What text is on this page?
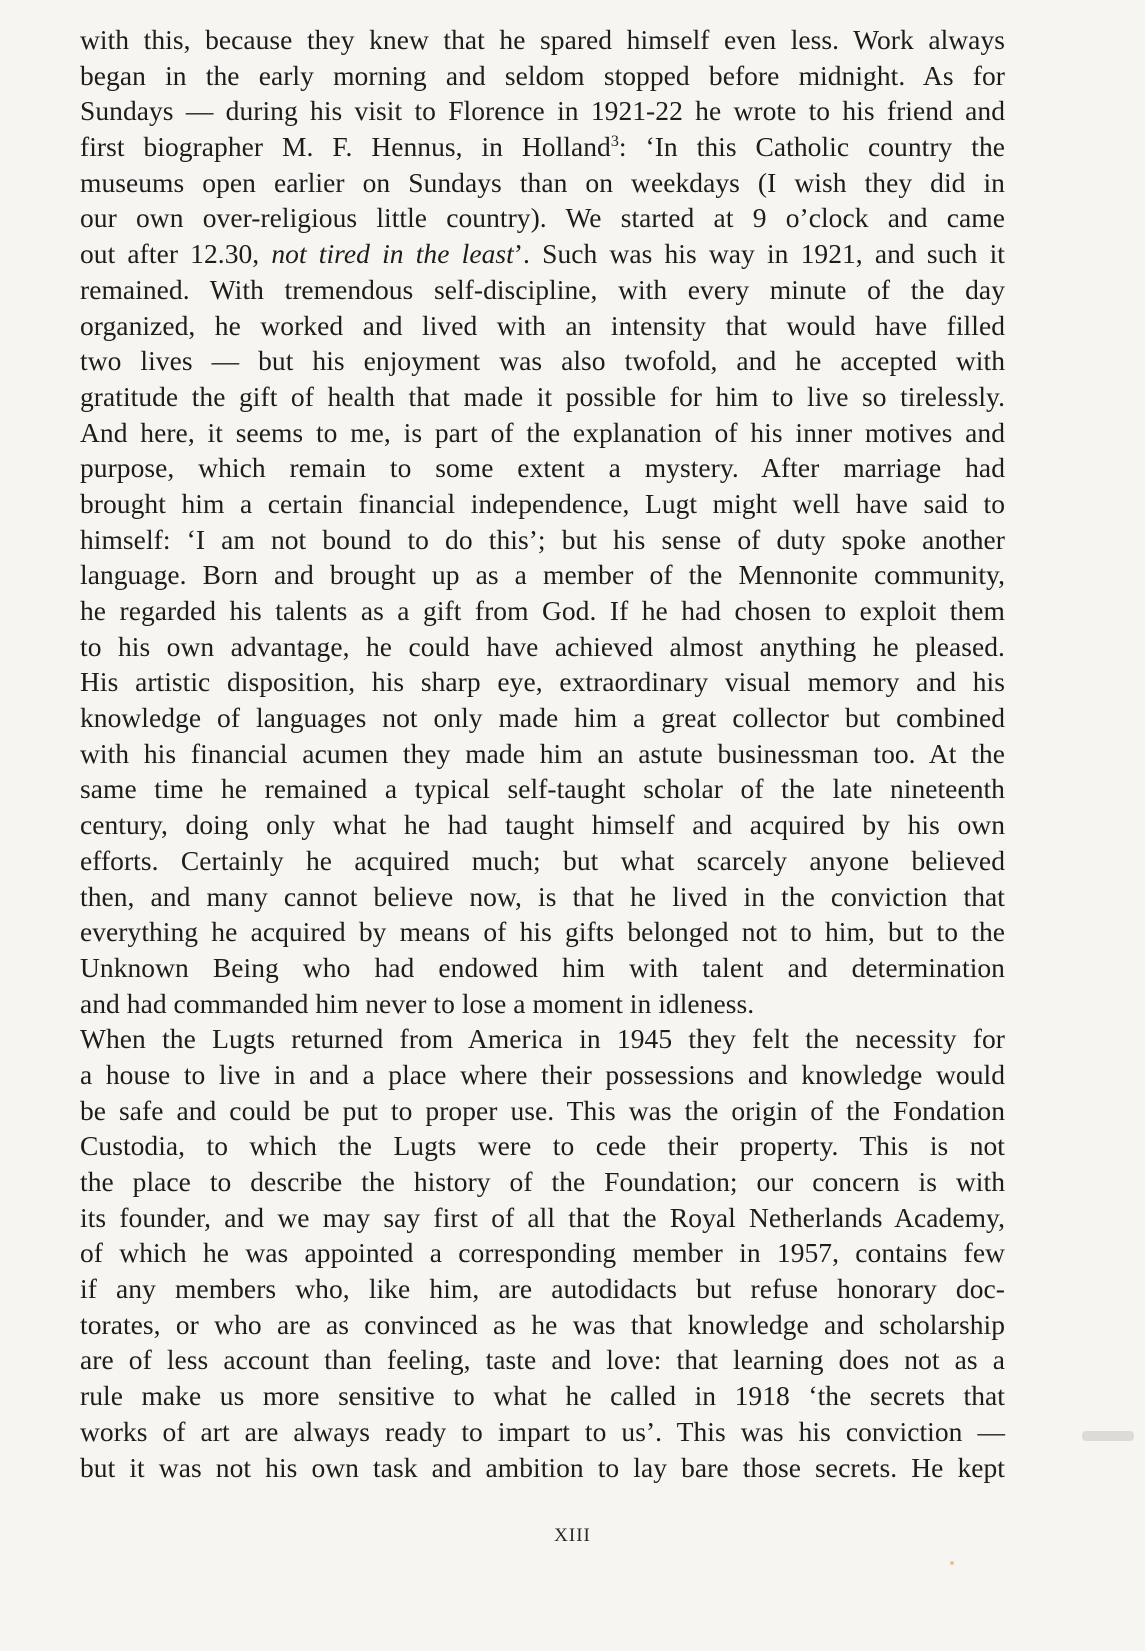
with this, because they knew that he spared himself even less. Work always
began in the early morning and seldom stopped before midnight. As for
Sundays — during his visit to Florence in 1921-22 he wrote to his friend and
first biographer M. F. Hennus, in Holland$^3$: ‘In this Catholic country the
museums open earlier on Sundays than on weekdays (I wish they did in
our own over-religious little country). We started at 9 o’clock and came
out after 12.30, not tired in the least’. Such was his way in 1921, and such it
remained. With tremendous self-discipline, with every minute of the day
organized, he worked and lived with an intensity that would have filled
two lives — but his enjoyment was also twofold, and he accepted with
gratitude the gift of health that made it possible for him to live so tirelessly.
And here, it seems to me, is part of the explanation of his inner motives and
purpose, which remain to some extent a mystery. After marriage had
brought him a certain financial independence, Lugt might well have said to
himself: ‘I am not bound to do this’; but his sense of duty spoke another
language. Born and brought up as a member of the Mennonite community,
he regarded his talents as a gift from God. If he had chosen to exploit them
to his own advantage, he could have achieved almost anything he pleased.
His artistic disposition, his sharp eye, extraordinary visual memory and his
knowledge of languages not only made him a great collector but combined
with his financial acumen they made him an astute businessman too. At the
same time he remained a typical self-taught scholar of the late nineteenth
century, doing only what he had taught himself and acquired by his own
efforts. Certainly he acquired much; but what scarcely anyone believed
then, and many cannot believe now, is that he lived in the conviction that
everything he acquired by means of his gifts belonged not to him, but to the
Unknown Being who had endowed him with talent and determination
and had commanded him never to lose a moment in idleness.
When the Lugts returned from America in 1945 they felt the necessity for
a house to live in and a place where their possessions and knowledge would
be safe and could be put to proper use. This was the origin of the Fondation
Custodia, to which the Lugts were to cede their property. This is not
the place to describe the history of the Foundation; our concern is with
its founder, and we may say first of all that the Royal Netherlands Academy,
of which he was appointed a corresponding member in 1957, contains few
if any members who, like him, are autodidacts but refuse honorary doc-
torates, or who are as convinced as he was that knowledge and scholarship
are of less account than feeling, taste and love: that learning does not as a
rule make us more sensitive to what he called in 1918 ‘the secrets that
works of art are always ready to impart to us’. This was his conviction —
but it was not his own task and ambition to lay bare those secrets. He kept
XIII
